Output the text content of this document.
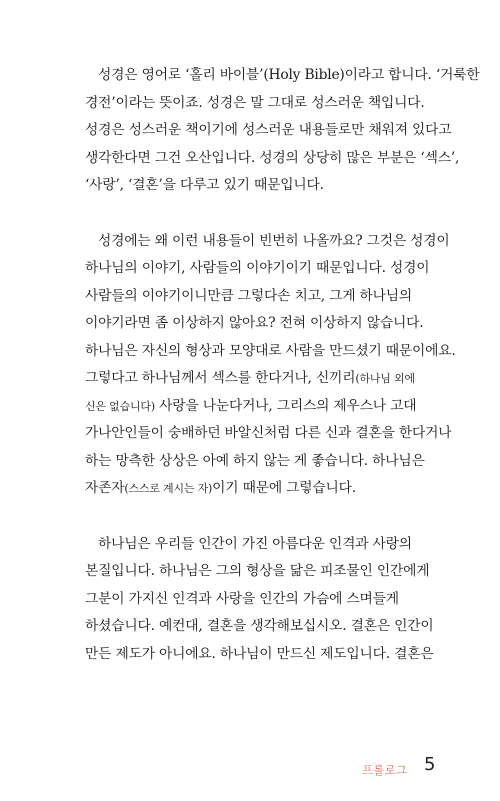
성경은 영어로 ‘홀리 바이블’(Holy Bible)이라고 합니다. ‘거룩한
경전’이라는 뜻이죠. 성경은 말 그대로 성스러운 책입니다.
성경은 성스러운 책이기에 성스러운 내용들로만 채워져 있다고
생각한다면 그건 오산입니다. 성경의 상당히 많은 부분은 ‘섹스’,
‘사랑’, ‘결혼’을 다루고 있기 때문입니다.
성경에는 왜 이런 내용들이 빈번히 나올까요? 그것은 성경이
하나님의 이야기, 사람들의 이야기이기 때문입니다. 성경이
사람들의 이야기이니만큼 그렇다손 치고, 그게 하나님의
이야기라면 좀 이상하지 않아요? 전혀 이상하지 않습니다.
하나님은 자신의 형상과 모양대로 사람을 만드셨기 때문이에요.
그렇다고 하나님께서 섹스를 한다거나, 신끼리(하나님 외에
신은 없습니다) 사랑을 나눈다거나, 그리스의 제우스나 고대
가나안인들이 숭배하던 바알신처럼 다른 신과 결혼을 한다거나
하는 망측한 상상은 아예 하지 않는 게 좋습니다. 하나님은
자존자(스스로 계시는 자)이기 때문에 그렇습니다.
하나님은 우리들 인간이 가진 아름다운 인격과 사랑의
본질입니다. 하나님은 그의 형상을 닮은 피조물인 인간에게
그분이 가지신 인격과 사랑을 인간의 가슴에 스며들게
하셨습니다. 예컨대, 결혼을 생각해보십시오. 결혼은 인간이
만든 제도가 아니에요. 하나님이 만드신 제도입니다. 결혼은
프롤로그 5
